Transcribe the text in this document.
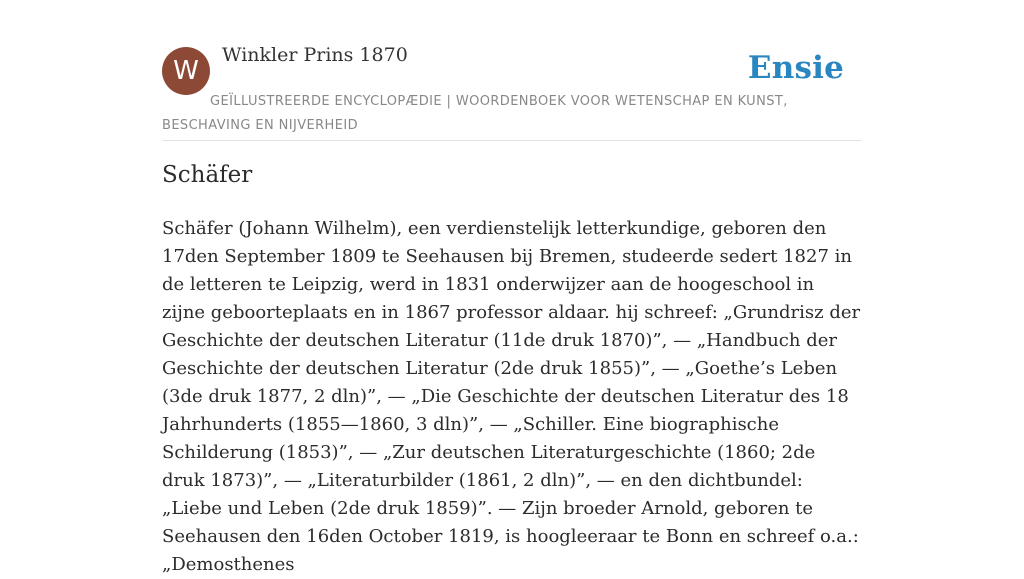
W
Winkler Prins 1870	Ensie
GEÏLLUSTREERDE ENCYCLOPÆDIE | WOORDENBOEK VOOR WETENSCHAP EN KUNST, BESCHAVING EN NIJVERHEID
Schäfer

Schäfer (Johann Wilhelm), een verdienstelijk letterkundige, geboren den 17den September 1809 te Seehausen bij Bremen, studeerde sedert 1827 in de letteren te Leipzig, werd in 1831 onderwijzer aan de hoogeschool in zijne geboorteplaats en in 1867 professor aldaar. hij schreef: „Grundrisz der Geschichte der deutschen Literatur (11de druk 1870)”, — „Handbuch der Geschichte der deutschen Literatur (2de druk 1855)”, — „Goethe’s Leben (3de druk 1877, 2 dln)”, — „Die Geschichte der deutschen Literatur des 18 Jahrhunderts (1855—1860, 3 dln)”, — „Schiller. Eine biographische Schilderung (1853)”, — „Zur deutschen Literaturgeschichte (1860; 2de druk 1873)”, — „Literaturbilder (1861, 2 dln)”, — en den dichtbundel: „Liebe und Leben (2de druk 1859)”. — Zijn broeder Arnold, geboren te Seehausen den 16den October 1819, is hoogleeraar te Bonn en schreef o.a.: „Demosthenes
